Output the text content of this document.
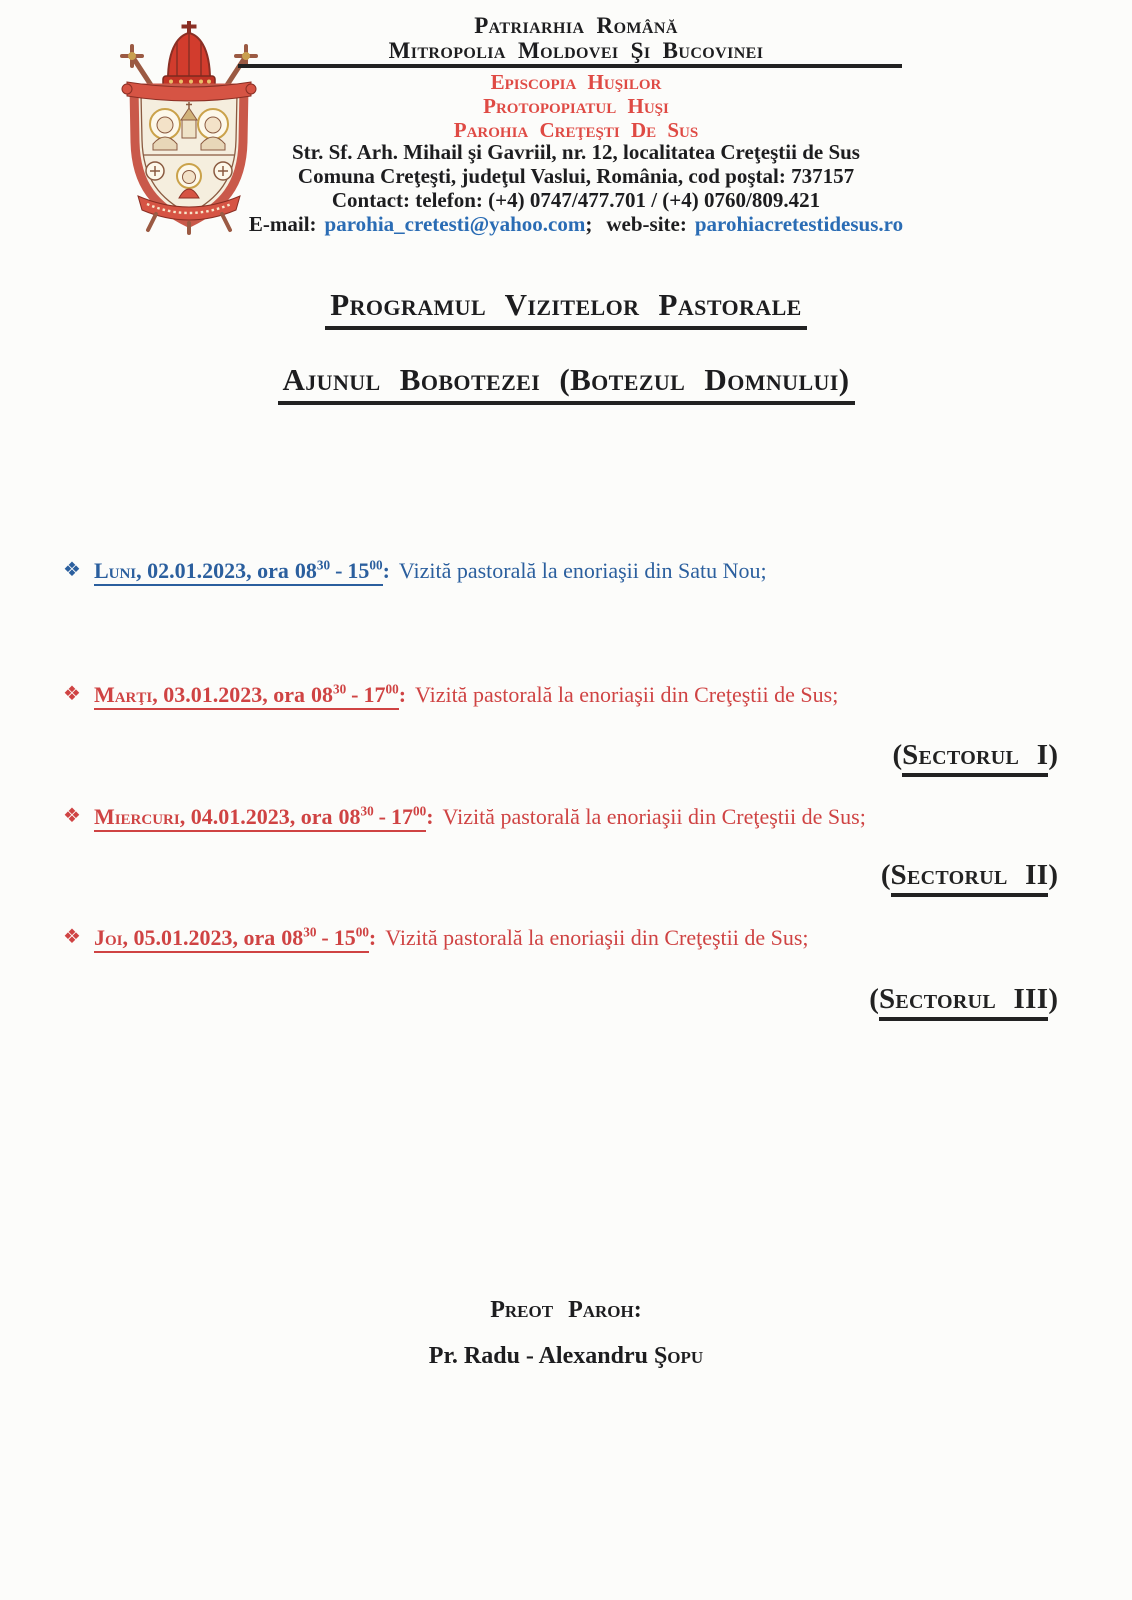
Patriarhia Română
Mitropolia Moldovei Şi Bucovinei
Episcopia Huşilor
Protopopiatul Huşi
Parohia Creţeşti De Sus
Str. Sf. Arh. Mihail şi Gavriil, nr. 12, localitatea Creţeştii de Sus
Comuna Creţeşti, judeţul Vaslui, România, cod poştal: 737157
Contact: telefon: (+4) 0747/477.701 / (+4) 0760/809.421
E-mail: parohia_cretesti@yahoo.com; web-site: parohiacretestidesus.ro
Programul Vizitelor Pastorale
Ajunul Bobotezei (Botezul Domnului)
❖ Luni, 02.01.2023, ora $08^{30} - 15^{00}$: Vizită pastorală la enoriaşii din Satu Nou;
❖ Marţi, 03.01.2023, ora $08^{30} - 17^{00}$: Vizită pastorală la enoriaşii din Creţeştii de Sus;
(Sectorul I)
❖ Miercuri, 04.01.2023, ora $08^{30} - 17^{00}$: Vizită pastorală la enoriaşii din Creţeştii de Sus;
(Sectorul II)
❖ Joi, 05.01.2023, ora $08^{30} - 15^{00}$: Vizită pastorală la enoriaşii din Creţeştii de Sus;
(Sectorul III)
Preot Paroh:
Pr. Radu - Alexandru Şopu
